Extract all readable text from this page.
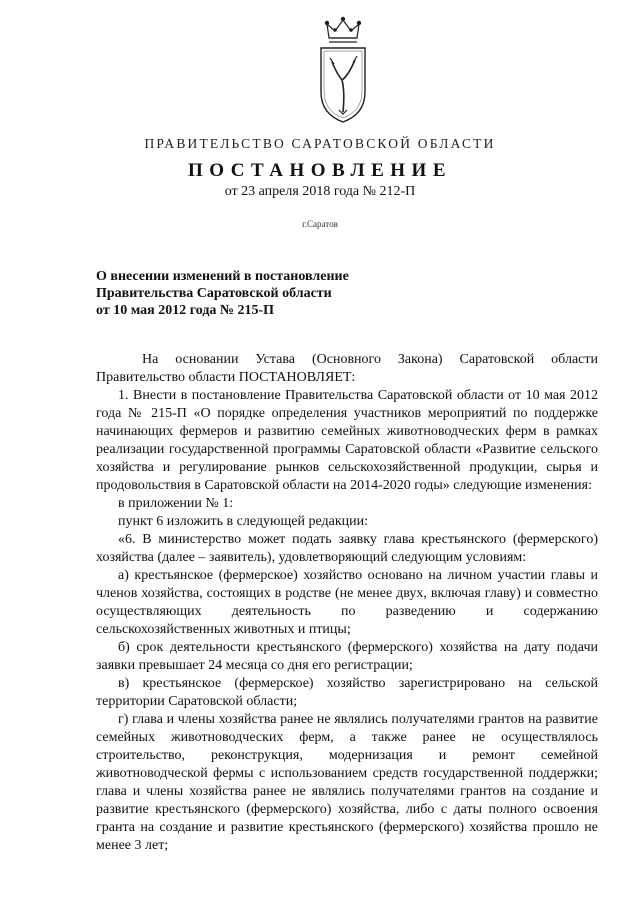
ПРАВИТЕЛЬСТВО САРАТОВСКОЙ ОБЛАСТИ
ПОСТАНОВЛЕНИЕ
от 23 апреля 2018 года № 212-П
г.Саратов
О внесении изменений в постановление
Правительства Саратовской области
от 10 мая 2012 года № 215-П

На основании Устава (Основного Закона) Саратовской области Правительство области ПОСТАНОВЛЯЕТ:

1. Внести в постановление Правительства Саратовской области от 10 мая 2012 года № 215-П «О порядке определения участников мероприятий по поддержке начинающих фермеров и развитию семейных животноводческих ферм в рамках реализации государственной программы Саратовской области «Развитие сельского хозяйства и регулирование рынков сельскохозяйственной продукции, сырья и продовольствия в Саратовской области на 2014-2020 годы» следующие изменения:

в приложении № 1:

пункт 6 изложить в следующей редакции:

«6. В министерство может подать заявку глава крестьянского (фермерского) хозяйства (далее – заявитель), удовлетворяющий следующим условиям:

а) крестьянское (фермерское) хозяйство основано на личном участии главы и членов хозяйства, состоящих в родстве (не менее двух, включая главу) и совместно осуществляющих деятельность по разведению и содержанию сельскохозяйственных животных и птицы;

б) срок деятельности крестьянского (фермерского) хозяйства на дату подачи заявки превышает 24 месяца со дня его регистрации;

в) крестьянское (фермерское) хозяйство зарегистрировано на сельской территории Саратовской области;

г) глава и члены хозяйства ранее не являлись получателями грантов на развитие семейных животноводческих ферм, а также ранее не осуществлялось строительство, реконструкция, модернизация и ремонт семейной животноводческой фермы с использованием средств государственной поддержки; глава и члены хозяйства ранее не являлись получателями грантов на создание и развитие крестьянского (фермерского) хозяйства, либо с даты полного освоения гранта на создание и развитие крестьянского (фермерского) хозяйства прошло не менее 3 лет;
